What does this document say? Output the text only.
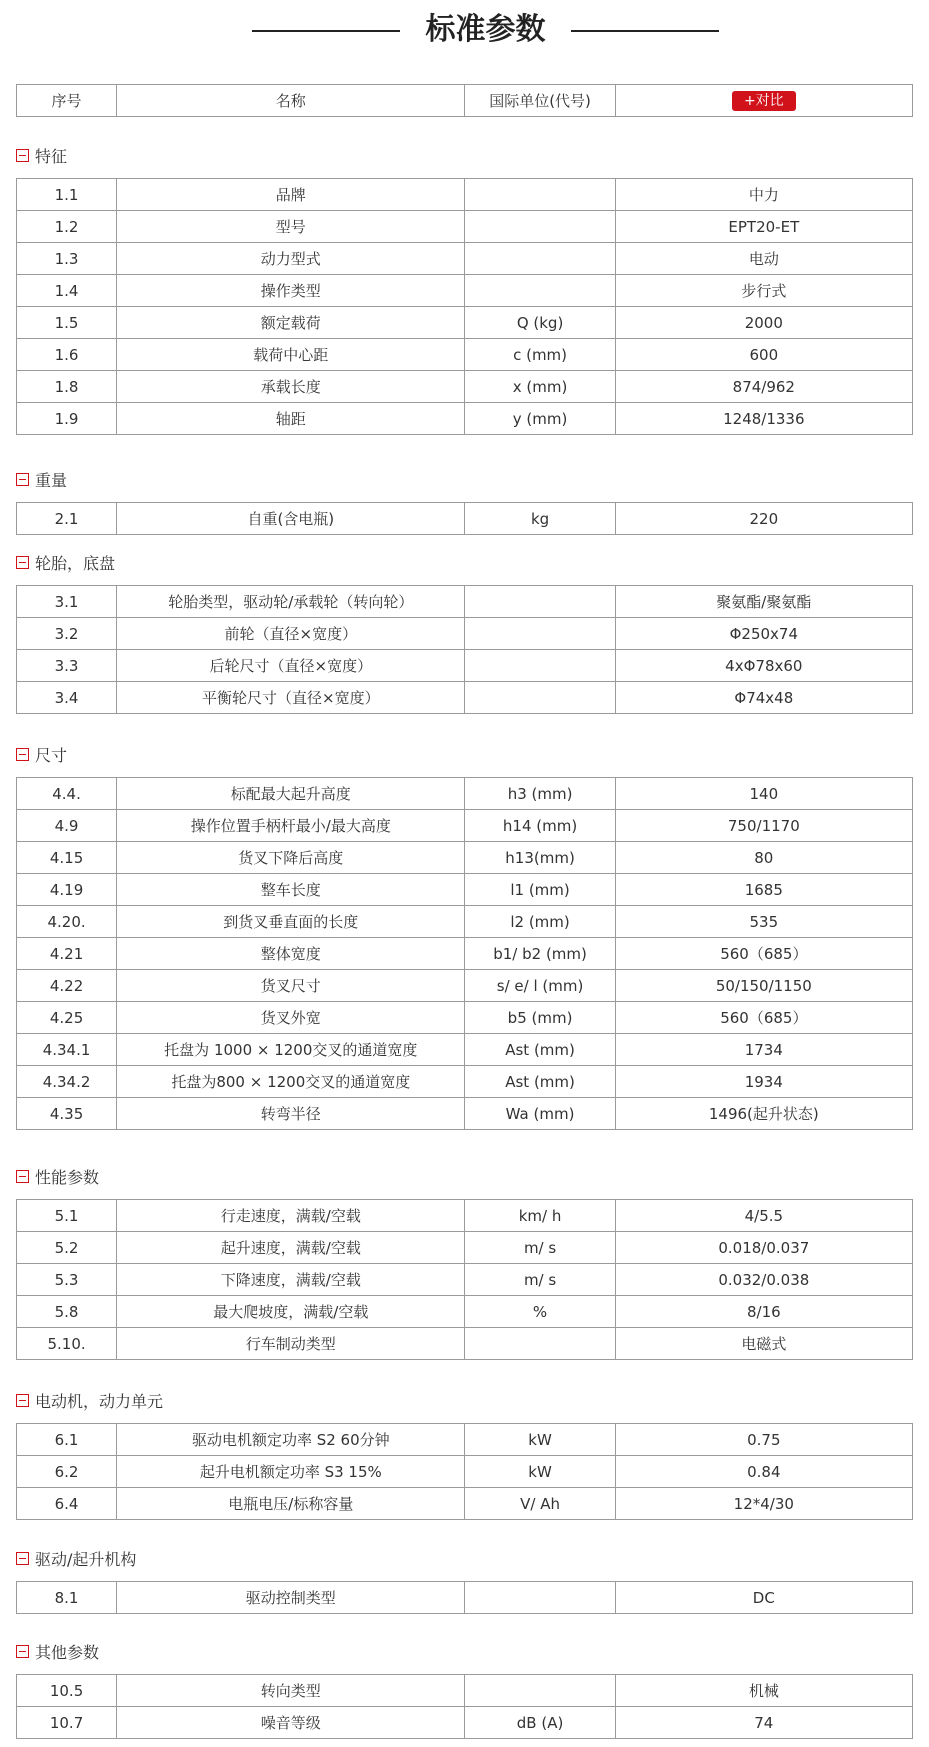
标准参数
序号	名称	国际单位(代号)	+对比
特征
1.1	品牌		中力
1.2	型号		EPT20-ET
1.3	动力型式		电动
1.4	操作类型		步行式
1.5	额定载荷	Q (kg)	2000
1.6	载荷中心距	c (mm)	600
1.8	承载长度	x (mm)	874/962
1.9	轴距	y (mm)	1248/1336
重量
2.1	自重(含电瓶)	kg	220
轮胎，底盘
3.1	轮胎类型，驱动轮/承载轮（转向轮）		聚氨酯/聚氨酯
3.2	前轮（直径×宽度）		Φ250x74
3.3	后轮尺寸（直径×宽度）		4xΦ78x60
3.4	平衡轮尺寸（直径×宽度）		Φ74x48
尺寸
4.4.	标配最大起升高度	h3 (mm)	140
4.9	操作位置手柄杆最小/最大高度	h14 (mm)	750/1170
4.15	货叉下降后高度	h13(mm)	80
4.19	整车长度	l1 (mm)	1685
4.20.	到货叉垂直面的长度	l2 (mm)	535
4.21	整体宽度	b1/ b2 (mm)	560（685）
4.22	货叉尺寸	s/ e/ l (mm)	50/150/1150
4.25	货叉外宽	b5 (mm)	560（685）
4.34.1	托盘为 1000 × 1200交叉的通道宽度	Ast (mm)	1734
4.34.2	托盘为800 × 1200交叉的通道宽度	Ast (mm)	1934
4.35	转弯半径	Wa (mm)	1496(起升状态)
性能参数
5.1	行走速度，满载/空载	km/ h	4/5.5
5.2	起升速度，满载/空载	m/ s	0.018/0.037
5.3	下降速度，满载/空载	m/ s	0.032/0.038
5.8	最大爬坡度，满载/空载	%	8/16
5.10.	行车制动类型		电磁式
电动机，动力单元
6.1	驱动电机额定功率 S2 60分钟	kW	0.75
6.2	起升电机额定功率 S3 15%	kW	0.84
6.4	电瓶电压/标称容量	V/ Ah	12*4/30
驱动/起升机构
8.1	驱动控制类型		DC
其他参数
10.5	转向类型		机械
10.7	噪音等级	dB (A)	74
